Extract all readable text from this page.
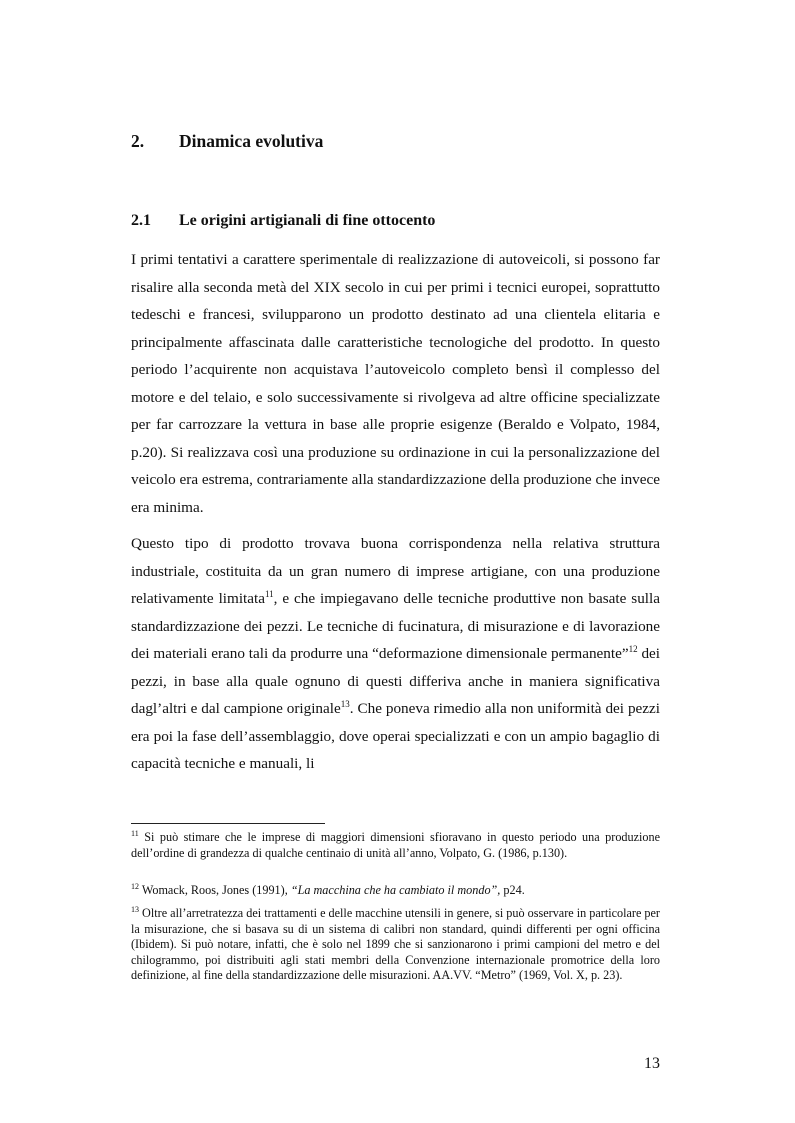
2.	Dinamica evolutiva
2.1	Le origini artigianali di fine ottocento

I primi tentativi a carattere sperimentale di realizzazione di autoveicoli, si possono far risalire alla seconda metà del XIX secolo in cui per primi i tecnici europei, soprattutto tedeschi e francesi, svilupparono un prodotto destinato ad una clientela elitaria e principalmente affascinata dalle caratteristiche tecnologiche del prodotto. In questo periodo l’acquirente non acquistava l’autoveicolo completo bensì il complesso del motore e del telaio, e solo successivamente si rivolgeva ad altre officine specializzate per far carrozzare la vettura in base alle proprie esigenze (Beraldo e Volpato, 1984, p.20). Si realizzava così una produzione su ordinazione in cui la personalizzazione del veicolo era estrema, contrariamente alla standardizzazione della produzione che invece era minima.

Questo tipo di prodotto trovava buona corrispondenza nella relativa struttura industriale, costituita da un gran numero di imprese artigiane, con una produzione relativamente limitata$^{11}$, e che impiegavano delle tecniche produttive non basate sulla standardizzazione dei pezzi. Le tecniche di fucinatura, di misurazione e di lavorazione dei materiali erano tali da produrre una “deformazione dimensionale permanente”$^{12}$ dei pezzi, in base alla quale ognuno di questi differiva anche in maniera significativa dagl’altri e dal campione originale$^{13}$. Che poneva rimedio alla non uniformità dei pezzi era poi la fase dell’assemblaggio, dove operai specializzati e con un ampio bagaglio di capacità tecniche e manuali, li

$^{11}$ Si può stimare che le imprese di maggiori dimensioni sfioravano in questo periodo una produzione dell’ordine di grandezza di qualche centinaio di unità all’anno, Volpato, G. (1986, p.130).

$^{12}$ Womack, Roos, Jones (1991), “La macchina che ha cambiato il mondo”, p24.

$^{13}$ Oltre all’arretratezza dei trattamenti e delle macchine utensili in genere, si può osservare in particolare per la misurazione, che si basava su di un sistema di calibri non standard, quindi differenti per ogni officina (Ibidem). Si può notare, infatti, che è solo nel 1899 che si sanzionarono i primi campioni del metro e del chilogrammo, poi distribuiti agli stati membri della Convenzione internazionale promotrice della loro definizione, al fine della standardizzazione delle misurazioni. AA.VV. “Metro” (1969, Vol. X, p. 23).

13
